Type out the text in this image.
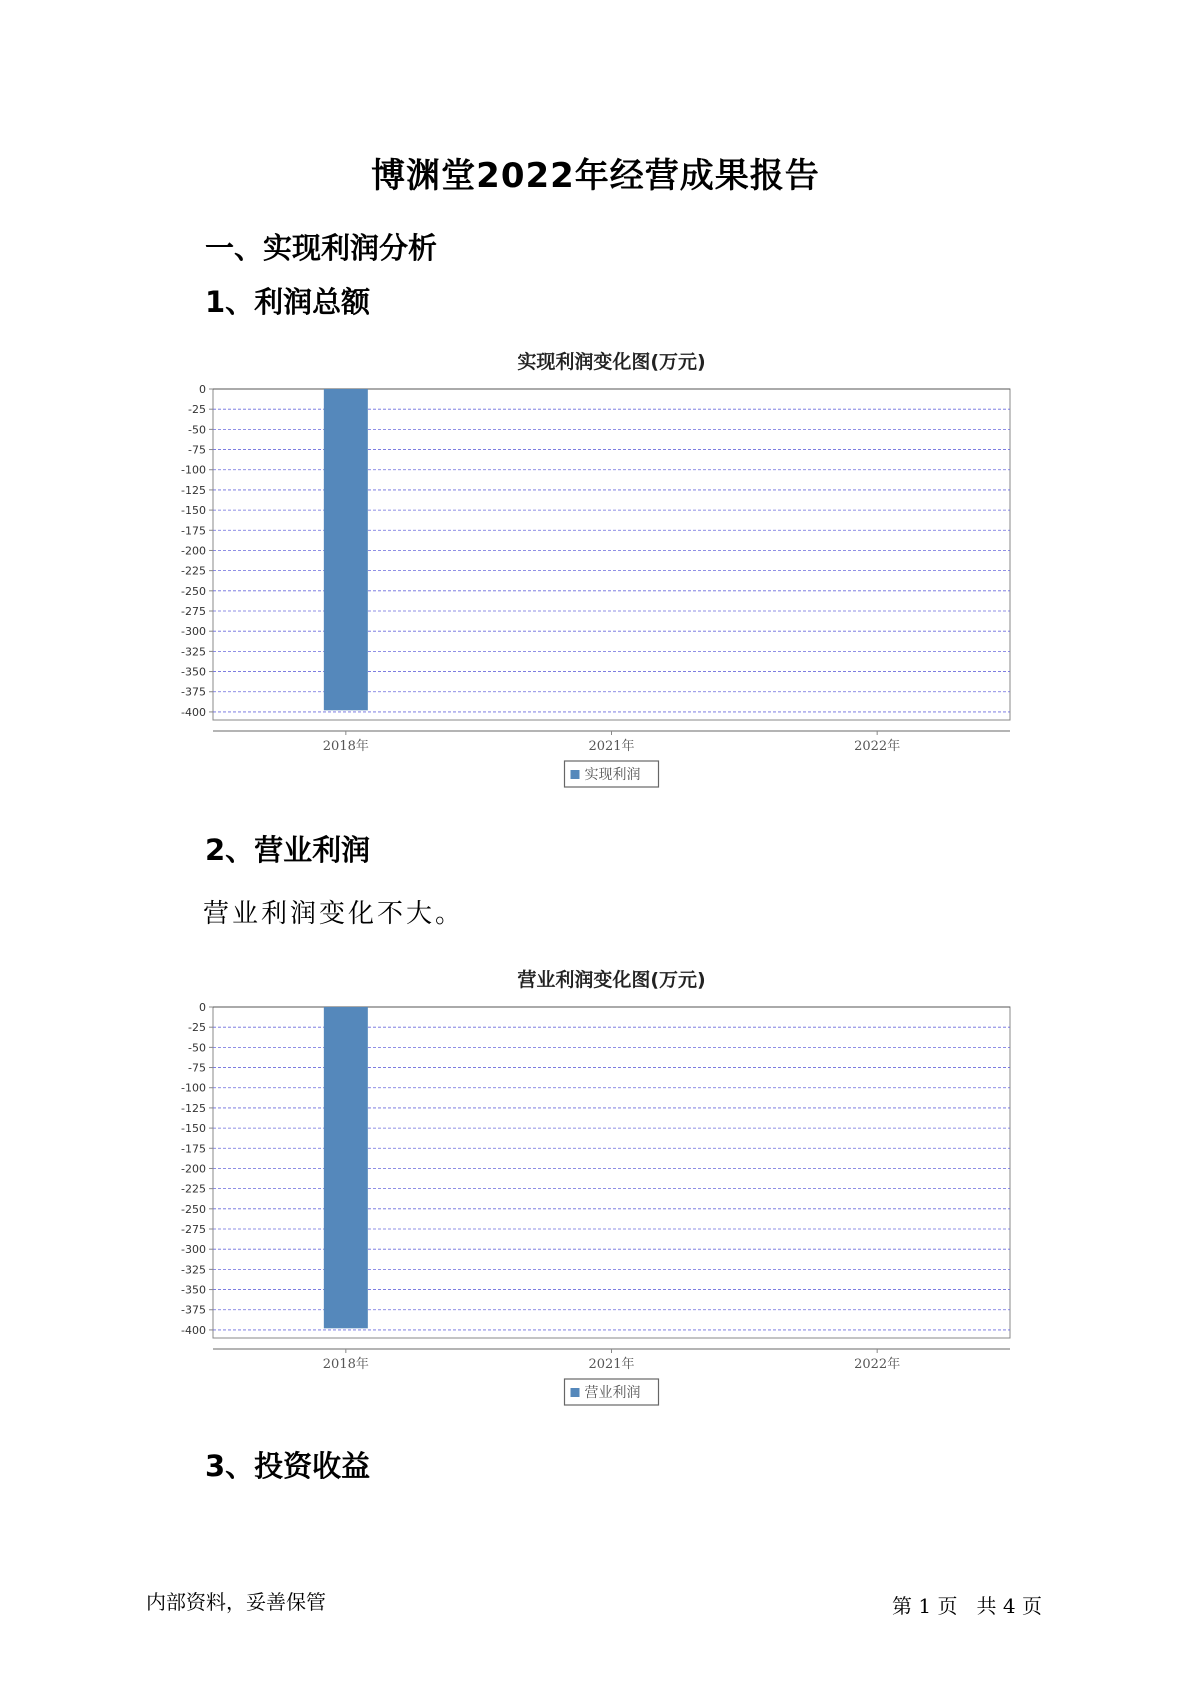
博渊堂2022年经营成果报告
一、实现利润分析
1、利润总额
实现利润变化图(万元)
0
-25
-50
-75
-100
-125
-150
-175
-200
-225
-250
-275
-300
-325
-350
-375
-400
2018年	2021年	2022年
实现利润
2、营业利润
营业利润变化不大。
营业利润变化图(万元)
0
-25
-50
-75
-100
-125
-150
-175
-200
-225
-250
-275
-300
-325
-350
-375
-400
2018年	2021年	2022年
营业利润
3、投资收益
内部资料，妥善保管	第 1 页   共 4 页
